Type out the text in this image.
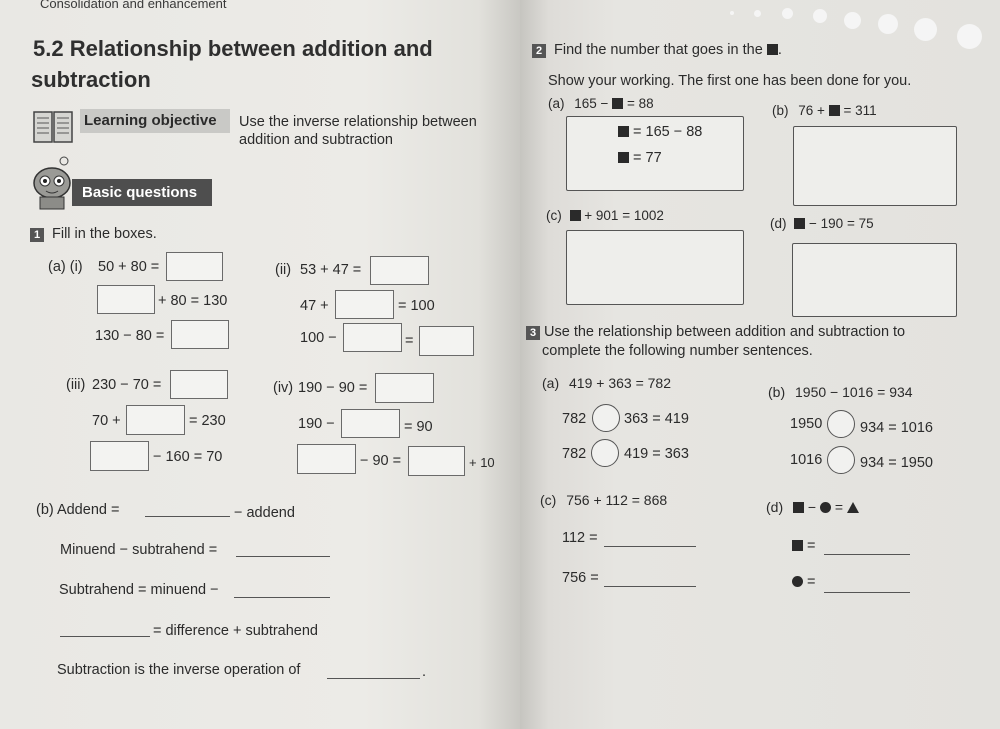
Consolidation and enhancement
5.2 Relationship between addition and
subtraction
Learning objective	Use the inverse relationship between
addition and subtraction
Basic questions
1 Fill in the boxes.
(a) (i) 50 + 80 =
+ 80 = 130
130 − 80 =
(ii) 53 + 47 =
47 +	= 100
100 −	=
(iii) 230 − 70 =
70 +	= 230
− 160 = 70
(iv) 190 − 90 =
190 −	= 90
− 90 =	+ 10
(b) Addend =	− addend
Minuend − subtrahend =
Subtrahend = minuend −
= difference + subtrahend
Subtraction is the inverse operation of	.
2 Find the number that goes in the .
Show your working. The first one has been done for you.
(a) 165 − = 88
= 165 − 88
= 77
(b) 76 + = 311
(c) + 901 = 1002
(d) − 190 = 75
3 Use the relationship between addition and subtraction to
complete the following number sentences.
(a) 419 + 363 = 782
782	363 = 419
782	419 = 363
(b) 1950 − 1016 = 934
1950	934 = 1016
1016	934 = 1950
(c) 756 + 112 = 868
112 =
756 =
(d) − =
=
=
